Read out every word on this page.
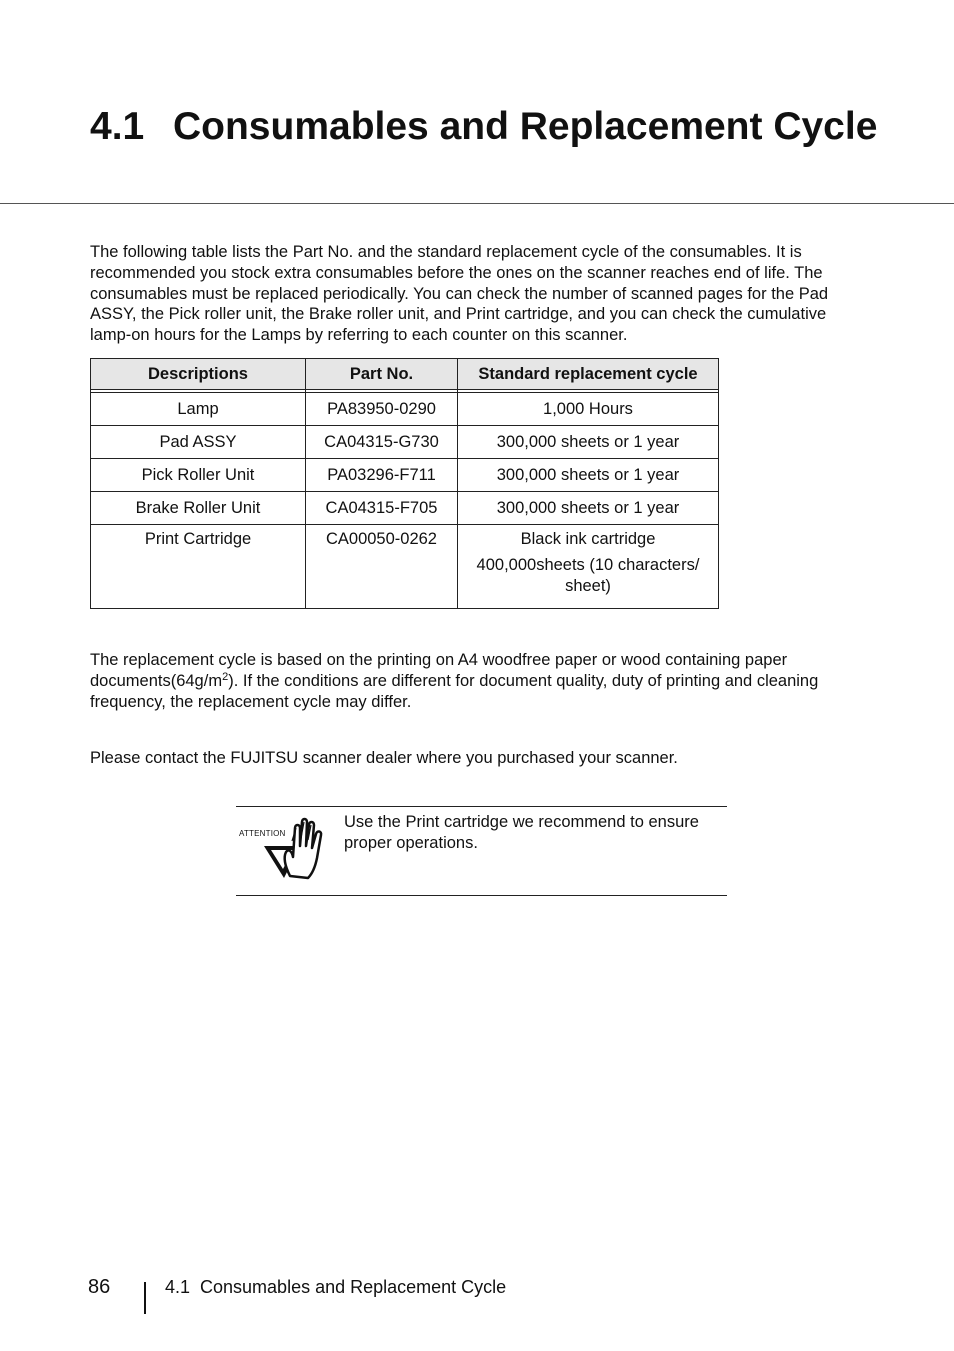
4.1 Consumables and Replacement Cycle

The following table lists the Part No. and the standard replacement cycle of the consumables. It is recommended you stock extra consumables before the ones on the scanner reaches end of life. The consumables must be replaced periodically. You can check the number of scanned pages for the Pad ASSY, the Pick roller unit, the Brake roller unit, and Print cartridge, and you can check the cumulative lamp-on hours for the Lamps by referring to each counter on this scanner.

Descriptions	Part No.	Standard replacement cycle

Lamp	PA83950-0290	1,000 Hours
Pad ASSY	CA04315-G730	300,000 sheets or 1 year
Pick Roller Unit	PA03296-F711	300,000 sheets or 1 year
Brake Roller Unit	CA04315-F705	300,000 sheets or 1 year
Print Cartridge	CA00050-0262	Black ink cartridge
400,000sheets (10 characters/ sheet)

The replacement cycle is based on the printing on A4 woodfree paper or wood containing paper $documents(64g/m^2)$. If the conditions are different for document quality, duty of printing and cleaning frequency, the replacement cycle may differ.

Please contact the FUJITSU scanner dealer where you purchased your scanner.

ATTENTION

Use the Print cartridge we recommend to ensure proper operations.

86	4.1  Consumables and Replacement Cycle
